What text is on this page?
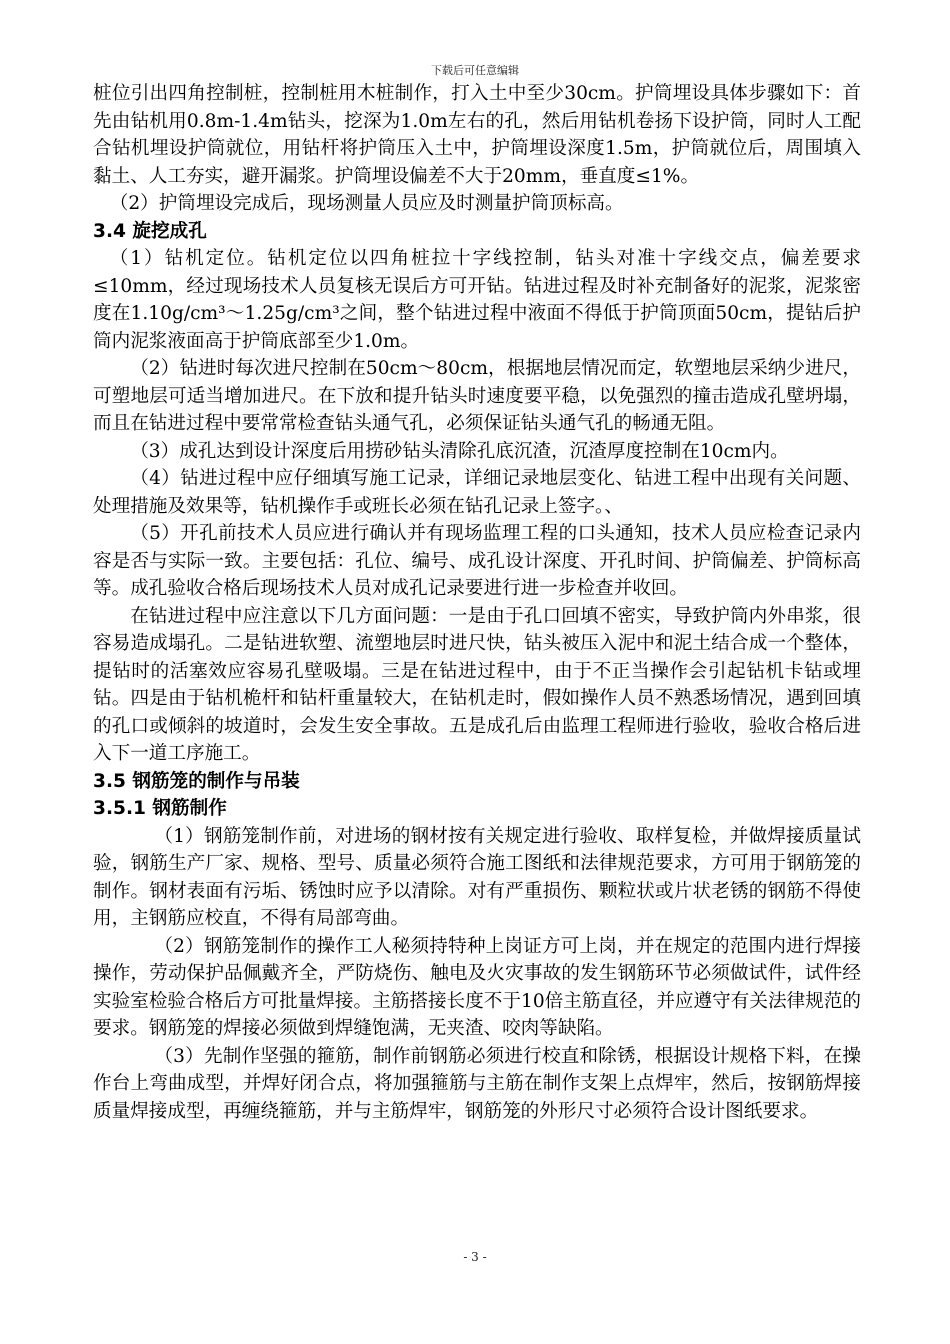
下载后可任意编辑

桩位引出四角控制桩，控制桩用木桩制作，打入土中至少30cm。护筒埋设具体步骤如下：首先由钻机用0.8m-1.4m钻头，挖深为1.0m左右的孔，然后用钻机卷扬下设护筒，同时人工配合钻机埋设护筒就位，用钻杆将护筒压入土中，护筒埋设深度1.5m，护筒就位后，周围填入黏土、人工夯实，避开漏浆。护筒埋设偏差不大于20mm，垂直度≤1%。

（2）护筒埋设完成后，现场测量人员应及时测量护筒顶标高。

3.4 旋挖成孔

（1）钻机定位。钻机定位以四角桩拉十字线控制，钻头对准十字线交点，偏差要求≤10mm，经过现场技术人员复核无误后方可开钻。钻进过程及时补充制备好的泥浆，泥浆密度在1.10g/cm³～1.25g/cm³之间，整个钻进过程中液面不得低于护筒顶面50cm，提钻后护筒内泥浆液面高于护筒底部至少1.0m。

（2）钻进时每次进尺控制在50cm～80cm，根据地层情况而定，软塑地层采纳少进尺，可塑地层可适当增加进尺。在下放和提升钻头时速度要平稳，以免强烈的撞击造成孔壁坍塌，而且在钻进过程中要常常检查钻头通气孔，必须保证钻头通气孔的畅通无阻。

（3）成孔达到设计深度后用捞砂钻头清除孔底沉渣，沉渣厚度控制在10cm内。

（4）钻进过程中应仔细填写施工记录，详细记录地层变化、钻进工程中出现有关问题、处理措施及效果等，钻机操作手或班长必须在钻孔记录上签字。、

（5）开孔前技术人员应进行确认并有现场监理工程的口头通知，技术人员应检查记录内容是否与实际一致。主要包括：孔位、编号、成孔设计深度、开孔时间、护筒偏差、护筒标高等。成孔验收合格后现场技术人员对成孔记录要进行进一步检查并收回。

在钻进过程中应注意以下几方面问题：一是由于孔口回填不密实，导致护筒内外串浆，很容易造成塌孔。二是钻进软塑、流塑地层时进尺快，钻头被压入泥中和泥土结合成一个整体，提钻时的活塞效应容易孔壁吸塌。三是在钻进过程中，由于不正当操作会引起钻机卡钻或埋钻。四是由于钻机桅杆和钻杆重量较大，在钻机走时，假如操作人员不熟悉场情况，遇到回填的孔口或倾斜的坡道时，会发生安全事故。五是成孔后由监理工程师进行验收，验收合格后进入下一道工序施工。

3.5 钢筋笼的制作与吊装
3.5.1 钢筋制作

（1）钢筋笼制作前，对进场的钢材按有关规定进行验收、取样复检，并做焊接质量试验，钢筋生产厂家、规格、型号、质量必须符合施工图纸和法律规范要求，方可用于钢筋笼的制作。钢材表面有污垢、锈蚀时应予以清除。对有严重损伤、颗粒状或片状老锈的钢筋不得使用，主钢筋应校直，不得有局部弯曲。

（2）钢筋笼制作的操作工人秘须持特种上岗证方可上岗，并在规定的范围内进行焊接操作，劳动保护品佩戴齐全，严防烧伤、触电及火灾事故的发生钢筋环节必须做试件，试件经实验室检验合格后方可批量焊接。主筋搭接长度不于10倍主筋直径，并应遵守有关法律规范的要求。钢筋笼的焊接必须做到焊缝饱满，无夹渣、咬肉等缺陷。

（3）先制作坚强的箍筋，制作前钢筋必须进行校直和除锈，根据设计规格下料，在操作台上弯曲成型，并焊好闭合点，将加强箍筋与主筋在制作支架上点焊牢，然后，按钢筋焊接质量焊接成型，再缠绕箍筋，并与主筋焊牢，钢筋笼的外形尺寸必须符合设计图纸要求。

- 3 -
